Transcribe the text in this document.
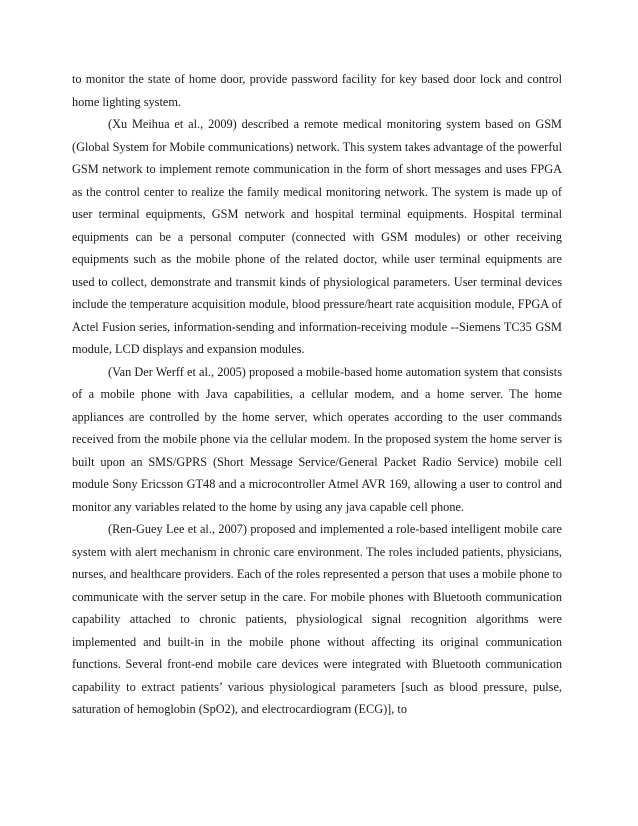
to monitor the state of home door, provide password facility for key based door lock and control home lighting system.

(Xu Meihua et al., 2009) described a remote medical monitoring system based on GSM (Global System for Mobile communications) network. This system takes advantage of the powerful GSM network to implement remote communication in the form of short messages and uses FPGA as the control center to realize the family medical monitoring network. The system is made up of user terminal equipments, GSM network and hospital terminal equipments. Hospital terminal equipments can be a personal computer (connected with GSM modules) or other receiving equipments such as the mobile phone of the related doctor, while user terminal equipments are used to collect, demonstrate and transmit kinds of physiological parameters. User terminal devices include the temperature acquisition module, blood pressure/heart rate acquisition module, FPGA of Actel Fusion series, information-sending and information-receiving module --Siemens TC35 GSM module, LCD displays and expansion modules.

(Van Der Werff et al., 2005) proposed a mobile-based home automation system that consists of a mobile phone with Java capabilities, a cellular modem, and a home server. The home appliances are controlled by the home server, which operates according to the user commands received from the mobile phone via the cellular modem. In the proposed system the home server is built upon an SMS/GPRS (Short Message Service/General Packet Radio Service) mobile cell module Sony Ericsson GT48 and a microcontroller Atmel AVR 169, allowing a user to control and monitor any variables related to the home by using any java capable cell phone.

(Ren-Guey Lee et al., 2007) proposed and implemented a role-based intelligent mobile care system with alert mechanism in chronic care environment. The roles included patients, physicians, nurses, and healthcare providers. Each of the roles represented a person that uses a mobile phone to communicate with the server setup in the care. For mobile phones with Bluetooth communication capability attached to chronic patients, physiological signal recognition algorithms were implemented and built-in in the mobile phone without affecting its original communication functions. Several front-end mobile care devices were integrated with Bluetooth communication capability to extract patients’ various physiological parameters [such as blood pressure, pulse, saturation of hemoglobin (SpO2), and electrocardiogram (ECG)], to
